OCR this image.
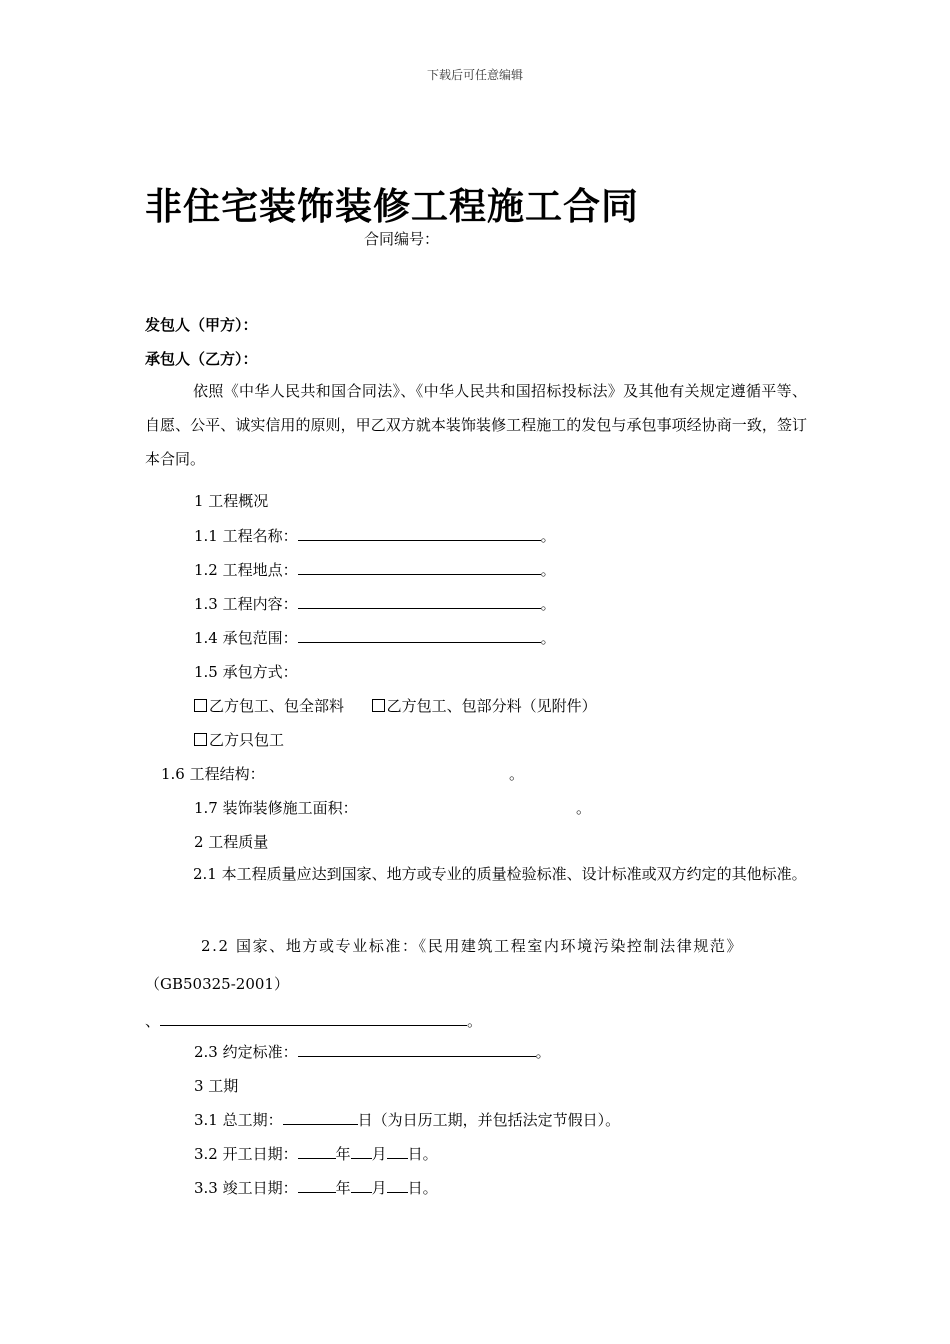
下载后可任意编辑
非住宅装饰装修工程施工合同
合同编号：
发包人（甲方）：
承包人（乙方）：
依照《中华人民共和国合同法》、《中华人民共和国招标投标法》及其他有关规定遵循平等、自愿、公平、诚实信用的原则，甲乙双方就本装饰装修工程施工的发包与承包事项经协商一致，签订本合同。
1 工程概况
1.1 工程名称：	。
1.2 工程地点：	。
1.3 工程内容：	。
1.4 承包范围：	。
1.5 承包方式：
乙方包工、包全部料	乙方包工、包部分料（见附件）
乙方只包工
1.6 工程结构：	。
1.7 装饰装修施工面积：	。
2 工程质量
2.1 本工程质量应达到国家、地方或专业的质量检验标准、设计标准或双方约定的其他标准。
2.2 国家、地方或专业标准：《民用建筑工程室内环境污染控制法律规范》
（GB50325-2001）
、	。
2.3 约定标准：	。
3 工期
3.1 总工期：	日（为日历工期，并包括法定节假日）。
3.2 开工日期：	年 月 日。
3.3 竣工日期：	年 月 日。
